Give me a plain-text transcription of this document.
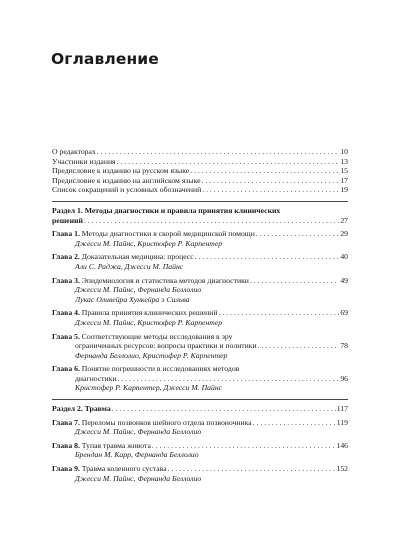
Оглавление
О редакторах . . .	10
Участники издания . . .	13
Предисловие к изданию на русском языке . . .	15
Предисловие к изданию на английском языке . . .	17
Список сокращений и условных обозначений . . .	19
Раздел 1. Методы диагностики и правила принятия клинических
решений . . .	27
Глава 1. Методы диагностики в скорой медицинской помощи . . .	29
Джесси М. Пайнс, Кристофер Р. Карпентер
Глава 2. Доказательная медицина: процесс . . .	40
Али С. Раджа, Джесси М. Пайнс
Глава 3. Эпидемиология и статистика методов диагностики . . .	49
Джесси М. Пайнс, Фернанда Беллолио
Лукас Оливейра Хункейра э Сильва
Глава 4. Правила принятия клинических решений . . .	69
Джесси М. Пайнс, Кристофер Р. Карпентер
Глава 5. Соответствующие методы исследования в эру
ограниченных ресурсов: вопросы практики и политики . . .	78
Фернанда Беллолио, Кристофер Р. Карпентер
Глава 6. Понятие погрешности в исследованиях методов
диагностики . . .	96
Кристофер Р. Карпентер, Джесси М. Пайнс
Раздел 2. Травма . . .	117
Глава 7. Переломы позвонков шейного отдела позвоночника . . .	119
Джесси М. Пайнс, Фернанда Беллолио
Глава 8. Тупая травма живота . . .	146
Брендан М. Карр, Фернанда Беллолио
Глава 9. Травма коленного сустава . . .	152
Джесси М. Пайнс, Фернанда Беллолио
